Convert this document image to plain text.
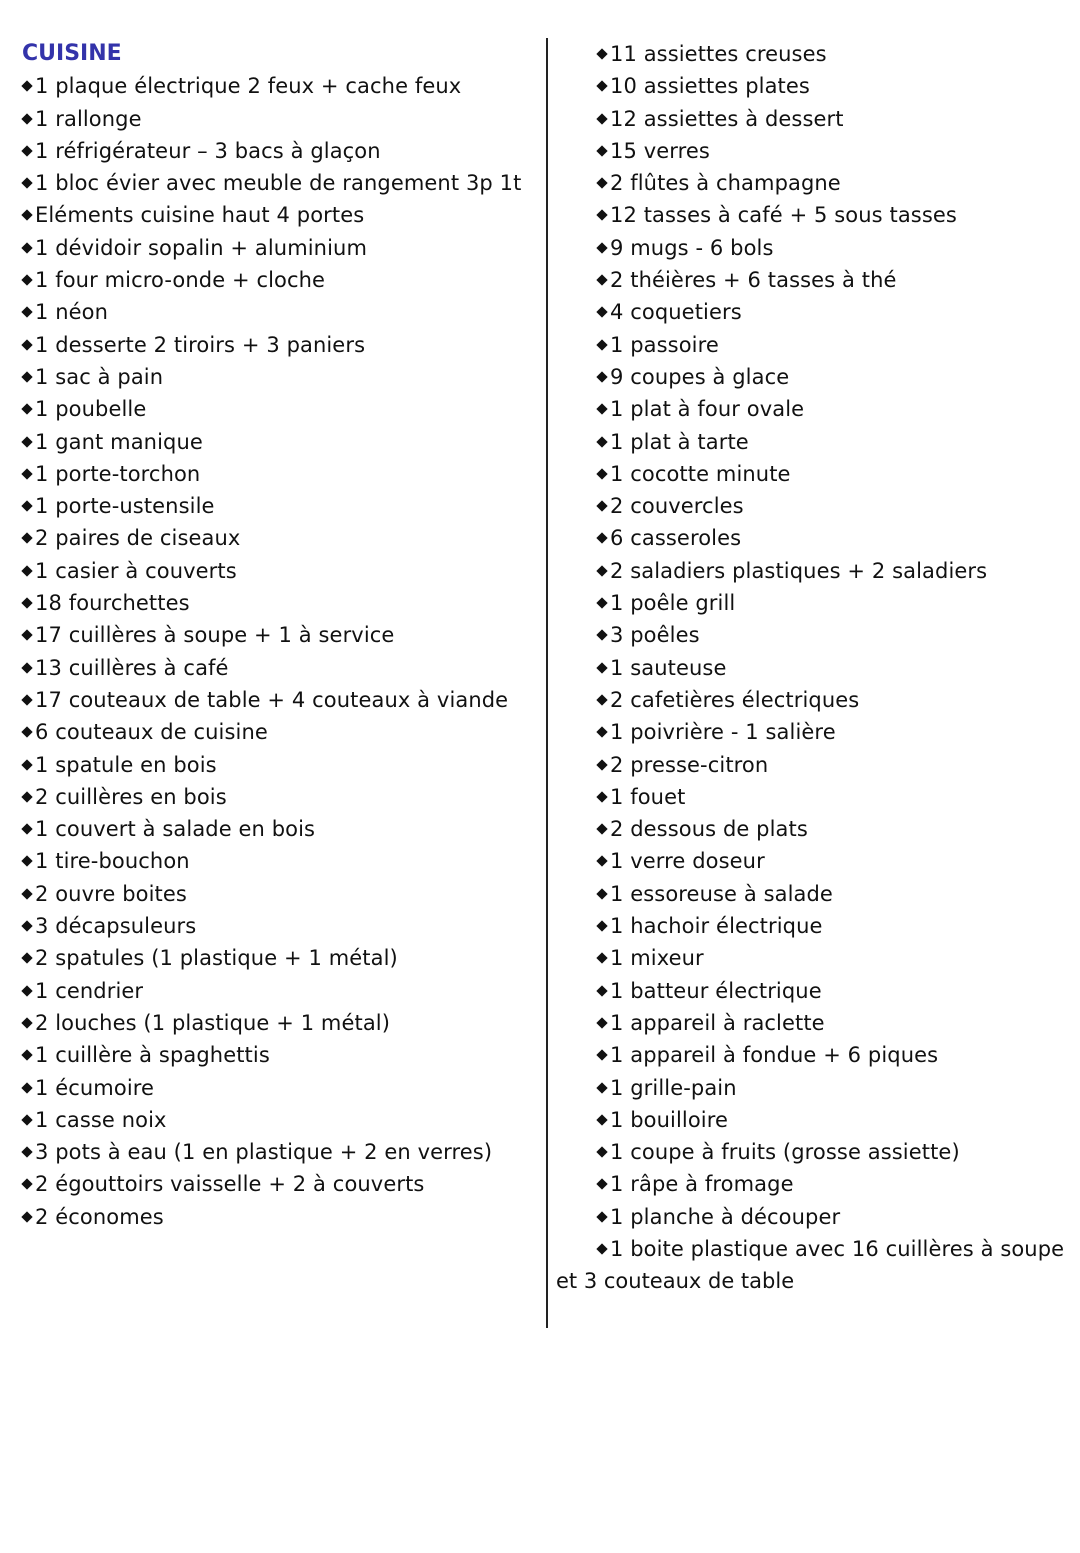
CUISINE
1 plaque électrique 2 feux + cache feux
1 rallonge
1 réfrigérateur – 3 bacs à glaçon
1 bloc évier avec meuble de rangement 3p 1t
Eléments cuisine haut 4 portes
1 dévidoir sopalin + aluminium
1 four micro-onde + cloche
1 néon
1 desserte 2 tiroirs + 3 paniers
1 sac à pain
1 poubelle
1 gant manique
1 porte-torchon
1 porte-ustensile
2 paires de ciseaux
1 casier à couverts
18 fourchettes
17 cuillères à soupe + 1 à service
13 cuillères à café
17 couteaux de table + 4 couteaux à viande
6 couteaux de cuisine
1 spatule en bois
2 cuillères en bois
1 couvert à salade en bois
1 tire-bouchon
2 ouvre boites
3 décapsuleurs
2 spatules (1 plastique + 1 métal)
1 cendrier
2 louches (1 plastique + 1 métal)
1 cuillère à spaghettis
1 écumoire
1 casse noix
3 pots à eau (1 en plastique + 2 en verres)
2 égouttoirs vaisselle + 2 à couverts
2 économes
11 assiettes creuses
10 assiettes plates
12 assiettes à dessert
15 verres
2 flûtes à champagne
12 tasses à café + 5 sous tasses
9 mugs - 6 bols
2 théières + 6 tasses à thé
4 coquetiers
1 passoire
9 coupes à glace
1 plat à four ovale
1 plat à tarte
1 cocotte minute
2 couvercles
6 casseroles
2 saladiers plastiques + 2 saladiers
1 poêle grill
3 poêles
1 sauteuse
2 cafetières électriques
1 poivrière - 1 salière
2 presse-citron
1 fouet
2 dessous de plats
1 verre doseur
1 essoreuse à salade
1 hachoir électrique
1 mixeur
1 batteur électrique
1 appareil à raclette
1 appareil à fondue + 6 piques
1 grille-pain
1 bouilloire
1 coupe à fruits (grosse assiette)
1 râpe à fromage
1 planche à découper
1 boite plastique avec 16 cuillères à soupe
et 3 couteaux de table
